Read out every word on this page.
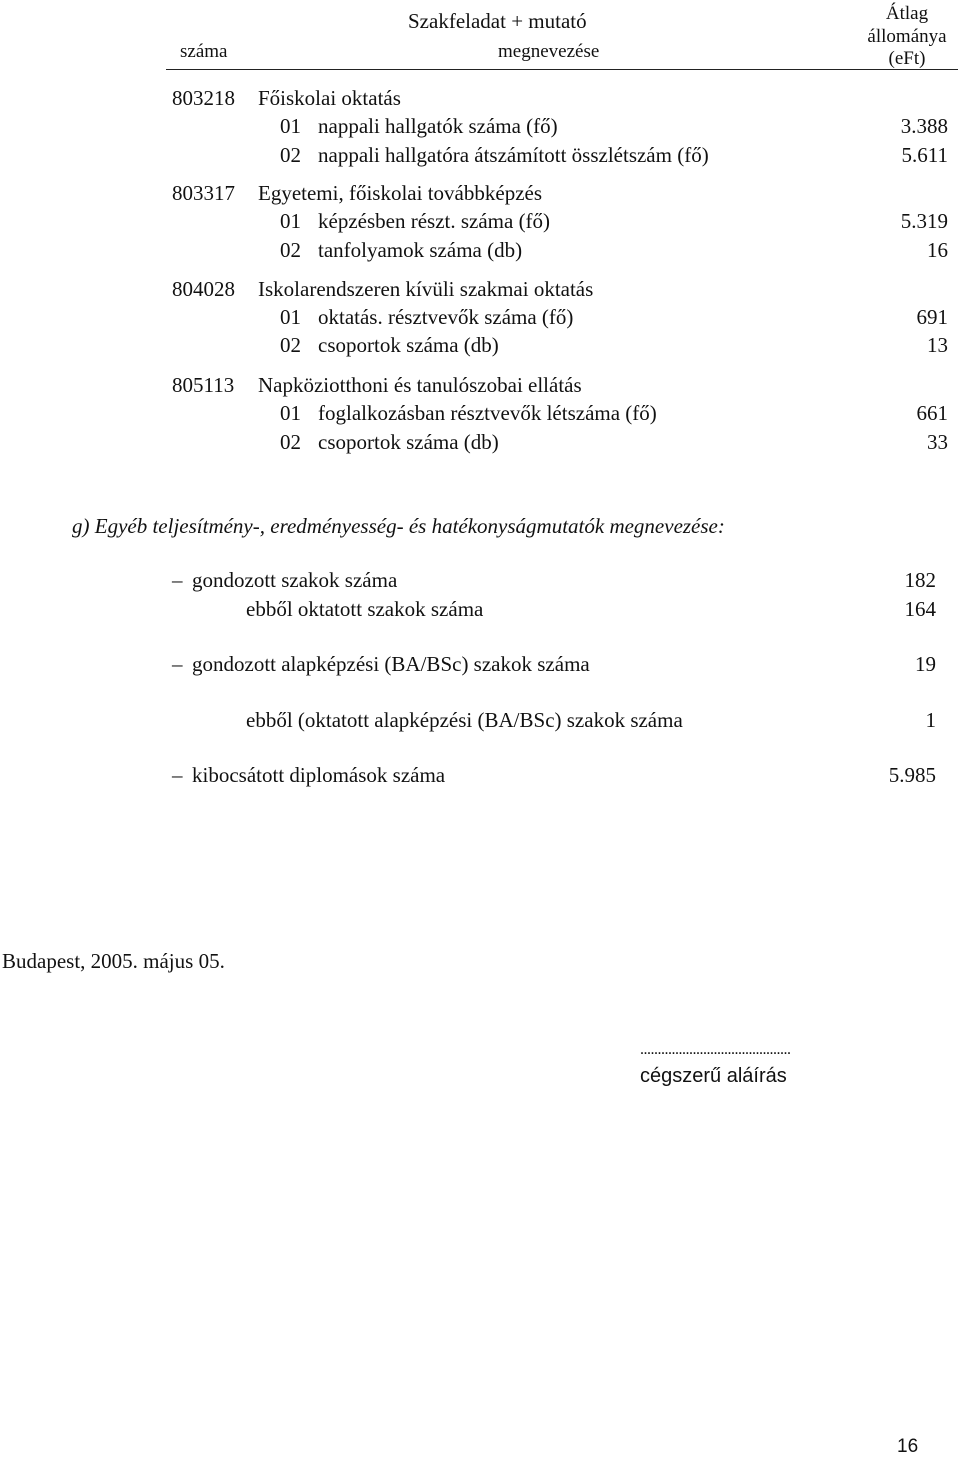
száma
Szakfeladat + mutató
megnevezése
Átlag
állománya
(eFt)
803218 Főiskolai oktatás
01 nappali hallgatók száma (fő)	3.388
02 nappali hallgatóra átszámított összlétszám (fő)	5.611
803317 Egyetemi, főiskolai továbbképzés
01 képzésben részt. száma (fő)	5.319
02 tanfolyamok száma (db)	16
804028 Iskolarendszeren kívüli szakmai oktatás
01 oktatás. résztvevők száma (fő)	691
02 csoportok száma (db)	13
805113 Napköziotthoni és tanulószobai ellátás
01 foglalkozásban résztvevők létszáma (fő)	661
02 csoportok száma (db)	33
g) Egyéb teljesítmény-, eredményesség- és hatékonyságmutatók megnevezése:
– gondozott szakok száma	182
ebből oktatott szakok száma	164
– gondozott alapképzési (BA/BSc) szakok száma	19
ebből (oktatott alapképzési (BA/BSc) szakok száma	1
– kibocsátott diplomások száma	5.985
Budapest, 2005. május 05.
...........................................
cégszerű aláírás
16
